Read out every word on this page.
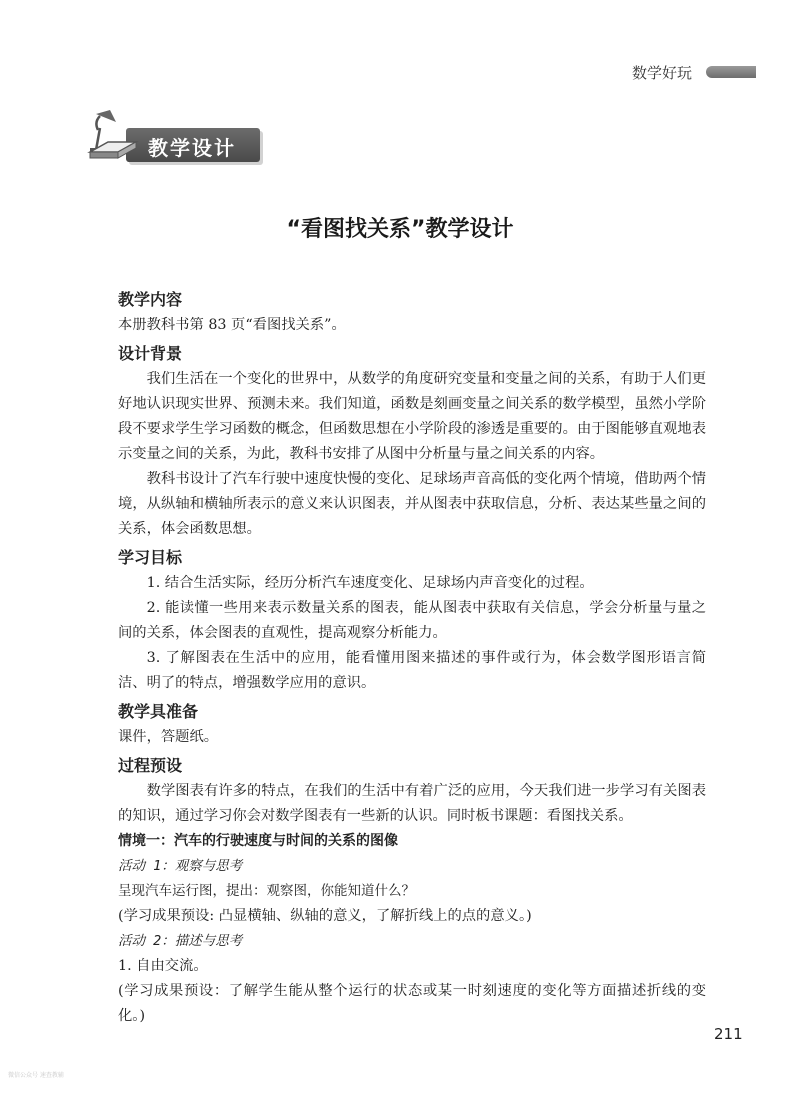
数学好玩
教学设计
“看图找关系”教学设计
教学内容
本册教科书第 83 页“看图找关系”。
设计背景
我们生活在一个变化的世界中，从数学的角度研究变量和变量之间的关系，有助于人们更好地认识现实世界、预测未来。我们知道，函数是刻画变量之间关系的数学模型，虽然小学阶段不要求学生学习函数的概念，但函数思想在小学阶段的渗透是重要的。由于图能够直观地表示变量之间的关系，为此，教科书安排了从图中分析量与量之间关系的内容。
教科书设计了汽车行驶中速度快慢的变化、足球场声音高低的变化两个情境，借助两个情境，从纵轴和横轴所表示的意义来认识图表，并从图表中获取信息，分析、表达某些量之间的关系，体会函数思想。
学习目标
1. 结合生活实际，经历分析汽车速度变化、足球场内声音变化的过程。
2. 能读懂一些用来表示数量关系的图表，能从图表中获取有关信息，学会分析量与量之间的关系，体会图表的直观性，提高观察分析能力。
3. 了解图表在生活中的应用，能看懂用图来描述的事件或行为，体会数学图形语言简洁、明了的特点，增强数学应用的意识。
教学具准备
课件，答题纸。
过程预设
数学图表有许多的特点，在我们的生活中有着广泛的应用，今天我们进一步学习有关图表的知识，通过学习你会对数学图表有一些新的认识。同时板书课题：看图找关系。
情境一：汽车的行驶速度与时间的关系的图像
活动 1：观察与思考
呈现汽车运行图，提出：观察图，你能知道什么？
(学习成果预设: 凸显横轴、纵轴的意义，了解折线上的点的意义。)
活动 2：描述与思考
1. 自由交流。
(学习成果预设：了解学生能从整个运行的状态或某一时刻速度的变化等方面描述折线的变化。)
211
微信公众号 速查教辅
